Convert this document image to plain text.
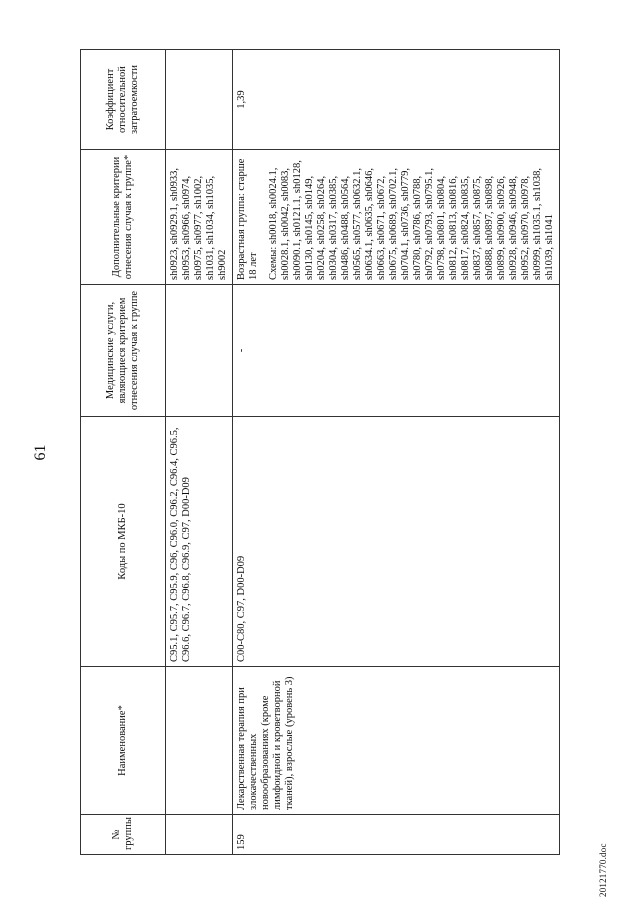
61
№ группы	Наименование*	Коды по МКБ-10	Медицинские услуги, являющиеся критерием отнесения случая к группе	Дополнительные критерии отнесения случая к группе*	Коэффициент относительной затратоемкости
		C95.1, C95.7, C95.9, C96, C96.0, C96.2, C96.4, C96.5, C96.6, C96.7, C96.8, C96.9, C97, D00-D09		sh0923, sh0929.1, sh0933, sh0953, sh0966, sh0974, sh0975, sh0977, sh1002, sh1031, sh1034, sh1035, sh9002	
159	Лекарственная терапия при злокачественных новообразованиях (кроме лимфоидной и кроветворной тканей), взрослые (уровень 3)	C00-C80, C97, D00-D09	-	Возрастная группа: старше 18 лет Схемы: sh0018, sh0024.1, sh0028.1, sh0042, sh0083, sh0090.1, sh0121.1, sh0128, sh0130, sh0145, sh0149, sh0204, sh0258, sh0264, sh0304, sh0317, sh0385, sh0486, sh0488, sh0564, sh0565, sh0577, sh0632.1, sh0634.1, sh0635, sh0646, sh0663, sh0671, sh0672, sh0675, sh0689, sh0702.1, sh0704.1, sh0736, sh0779, sh0780, sh0786, sh0788, sh0792, sh0793, sh0795.1, sh0798, sh0801, sh0804, sh0812, sh0813, sh0816, sh0817, sh0824, sh0835, sh0837, sh0857, sh0875, sh0888, sh0897, sh0898, sh0899, sh0900, sh0926, sh0928, sh0946, sh0948, sh0952, sh0970, sh0978, sh0999, sh1035.1, sh1038, sh1039, sh1041	1,39
20121770.doc
